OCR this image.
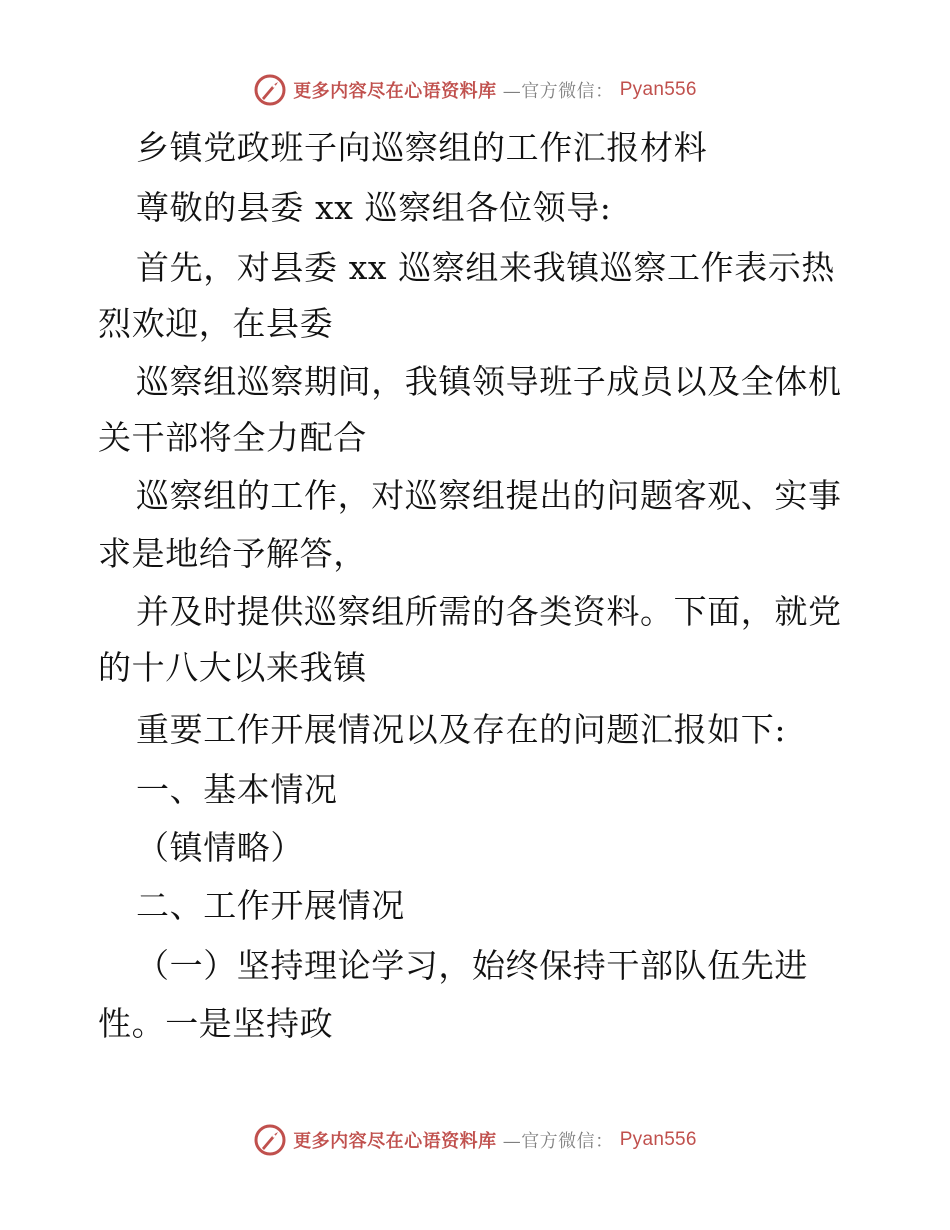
更多内容尽在心语资料库 —官方微信： Pyan556
乡镇党政班子向巡察组的工作汇报材料
尊敬的县委 xx 巡察组各位领导:
首先，对县委 xx 巡察组来我镇巡察工作表示热
烈欢迎，在县委
巡察组巡察期间，我镇领导班子成员以及全体机
关干部将全力配合
巡察组的工作，对巡察组提出的问题客观、实事
求是地给予解答，
并及时提供巡察组所需的各类资料。下面，就党
的十八大以来我镇
重要工作开展情况以及存在的问题汇报如下:
一、基本情况
（镇情略）
二、工作开展情况
（一）坚持理论学习，始终保持干部队伍先进
性。一是坚持政
更多内容尽在心语资料库 —官方微信： Pyan556
